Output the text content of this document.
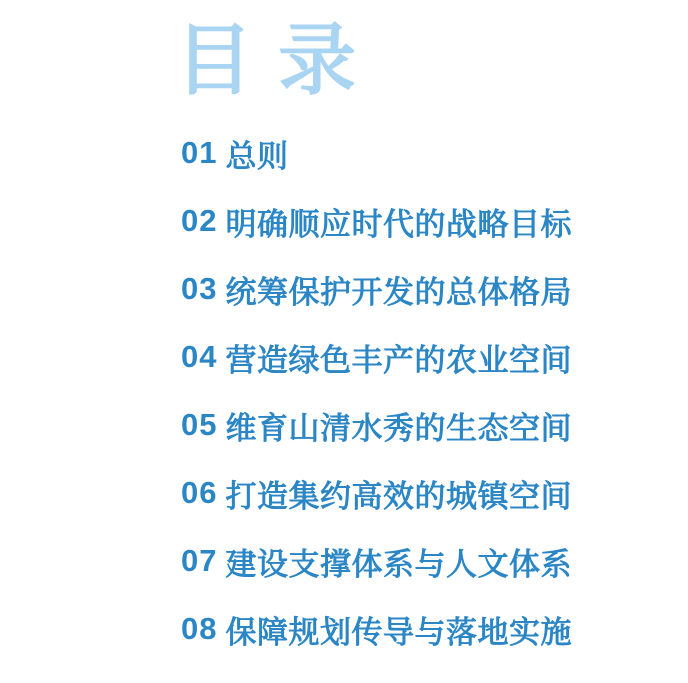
目录
01 总则
02 明确顺应时代的战略目标
03 统筹保护开发的总体格局
04 营造绿色丰产的农业空间
05 维育山清水秀的生态空间
06 打造集约高效的城镇空间
07 建设支撑体系与人文体系
08 保障规划传导与落地实施
